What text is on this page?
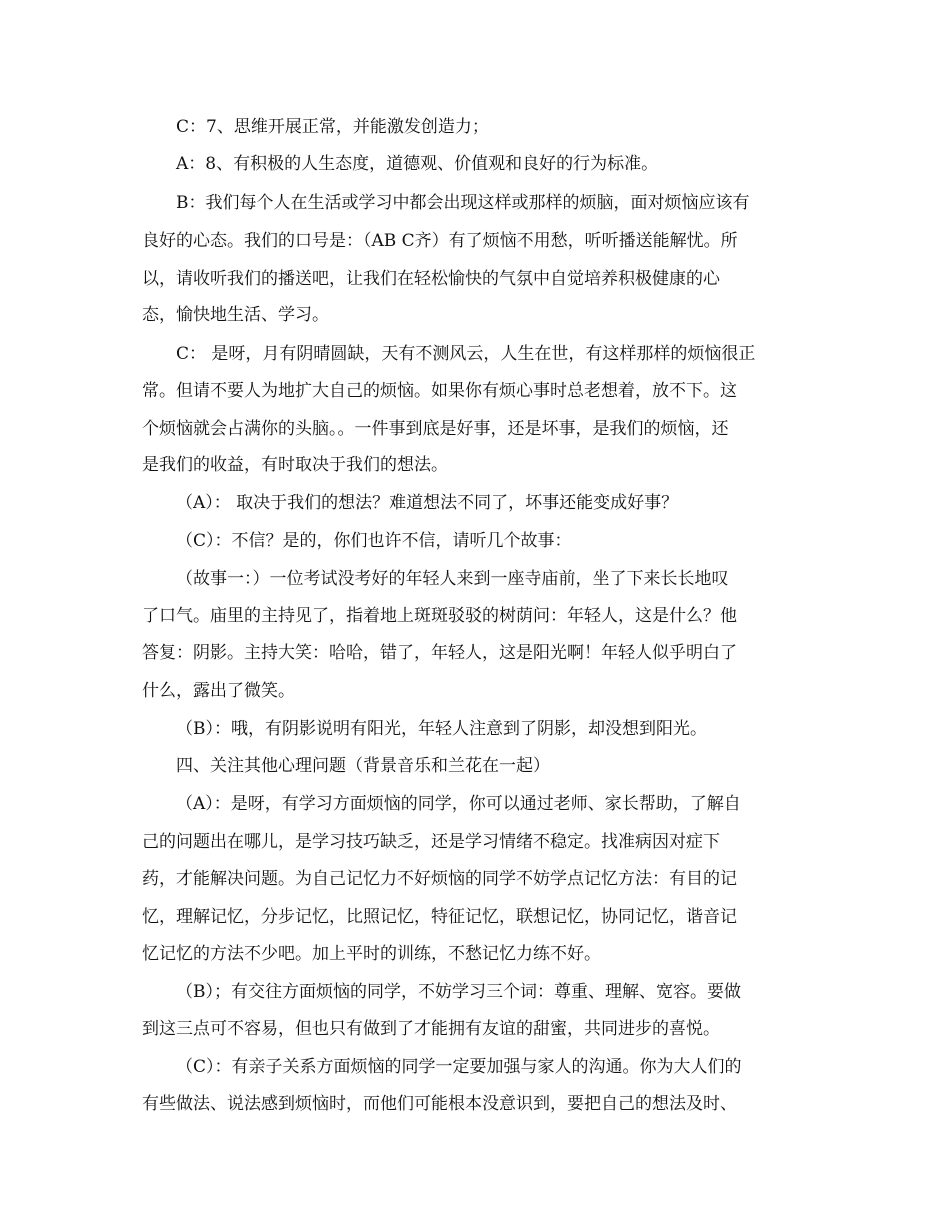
C：7、思维开展正常，并能激发创造力；
A：8、有积极的人生态度，道德观、价值观和良好的行为标准。
B：我们每个人在生活或学习中都会出现这样或那样的烦脑，面对烦恼应该有
良好的心态。我们的口号是：（AB C齐）有了烦恼不用愁，听听播送能解忧。所
以，请收听我们的播送吧，让我们在轻松愉快的气氛中自觉培养积极健康的心
态，愉快地生活、学习。
C： 是呀，月有阴晴圆缺，天有不测风云，人生在世，有这样那样的烦恼很正
常。但请不要人为地扩大自己的烦恼。如果你有烦心事时总老想着，放不下。这
个烦恼就会占满你的头脑。。一件事到底是好事，还是坏事，是我们的烦恼，还
是我们的收益，有时取决于我们的想法。
（A）： 取决于我们的想法？难道想法不同了，坏事还能变成好事？
（C）：不信？是的，你们也许不信，请听几个故事：
（故事一：）一位考试没考好的年轻人来到一座寺庙前，坐了下来长长地叹
了口气。庙里的主持见了，指着地上斑斑驳驳的树荫问：年轻人，这是什么？他
答复：阴影。主持大笑：哈哈，错了，年轻人，这是阳光啊！年轻人似乎明白了
什么，露出了微笑。
（B）：哦，有阴影说明有阳光，年轻人注意到了阴影，却没想到阳光。
四、关注其他心理问题（背景音乐和兰花在一起）
（A）：是呀，有学习方面烦恼的同学，你可以通过老师、家长帮助，了解自
己的问题出在哪儿，是学习技巧缺乏，还是学习情绪不稳定。找准病因对症下
药，才能解决问题。为自己记忆力不好烦恼的同学不妨学点记忆方法：有目的记
忆，理解记忆，分步记忆，比照记忆，特征记忆，联想记忆，协同记忆，谐音记
忆记忆的方法不少吧。加上平时的训练，不愁记忆力练不好。
（B）；有交往方面烦恼的同学，不妨学习三个词：尊重、理解、宽容。要做
到这三点可不容易，但也只有做到了才能拥有友谊的甜蜜，共同进步的喜悦。
（C）：有亲子关系方面烦恼的同学一定要加强与家人的沟通。你为大人们的
有些做法、说法感到烦恼时，而他们可能根本没意识到，要把自己的想法及时、
